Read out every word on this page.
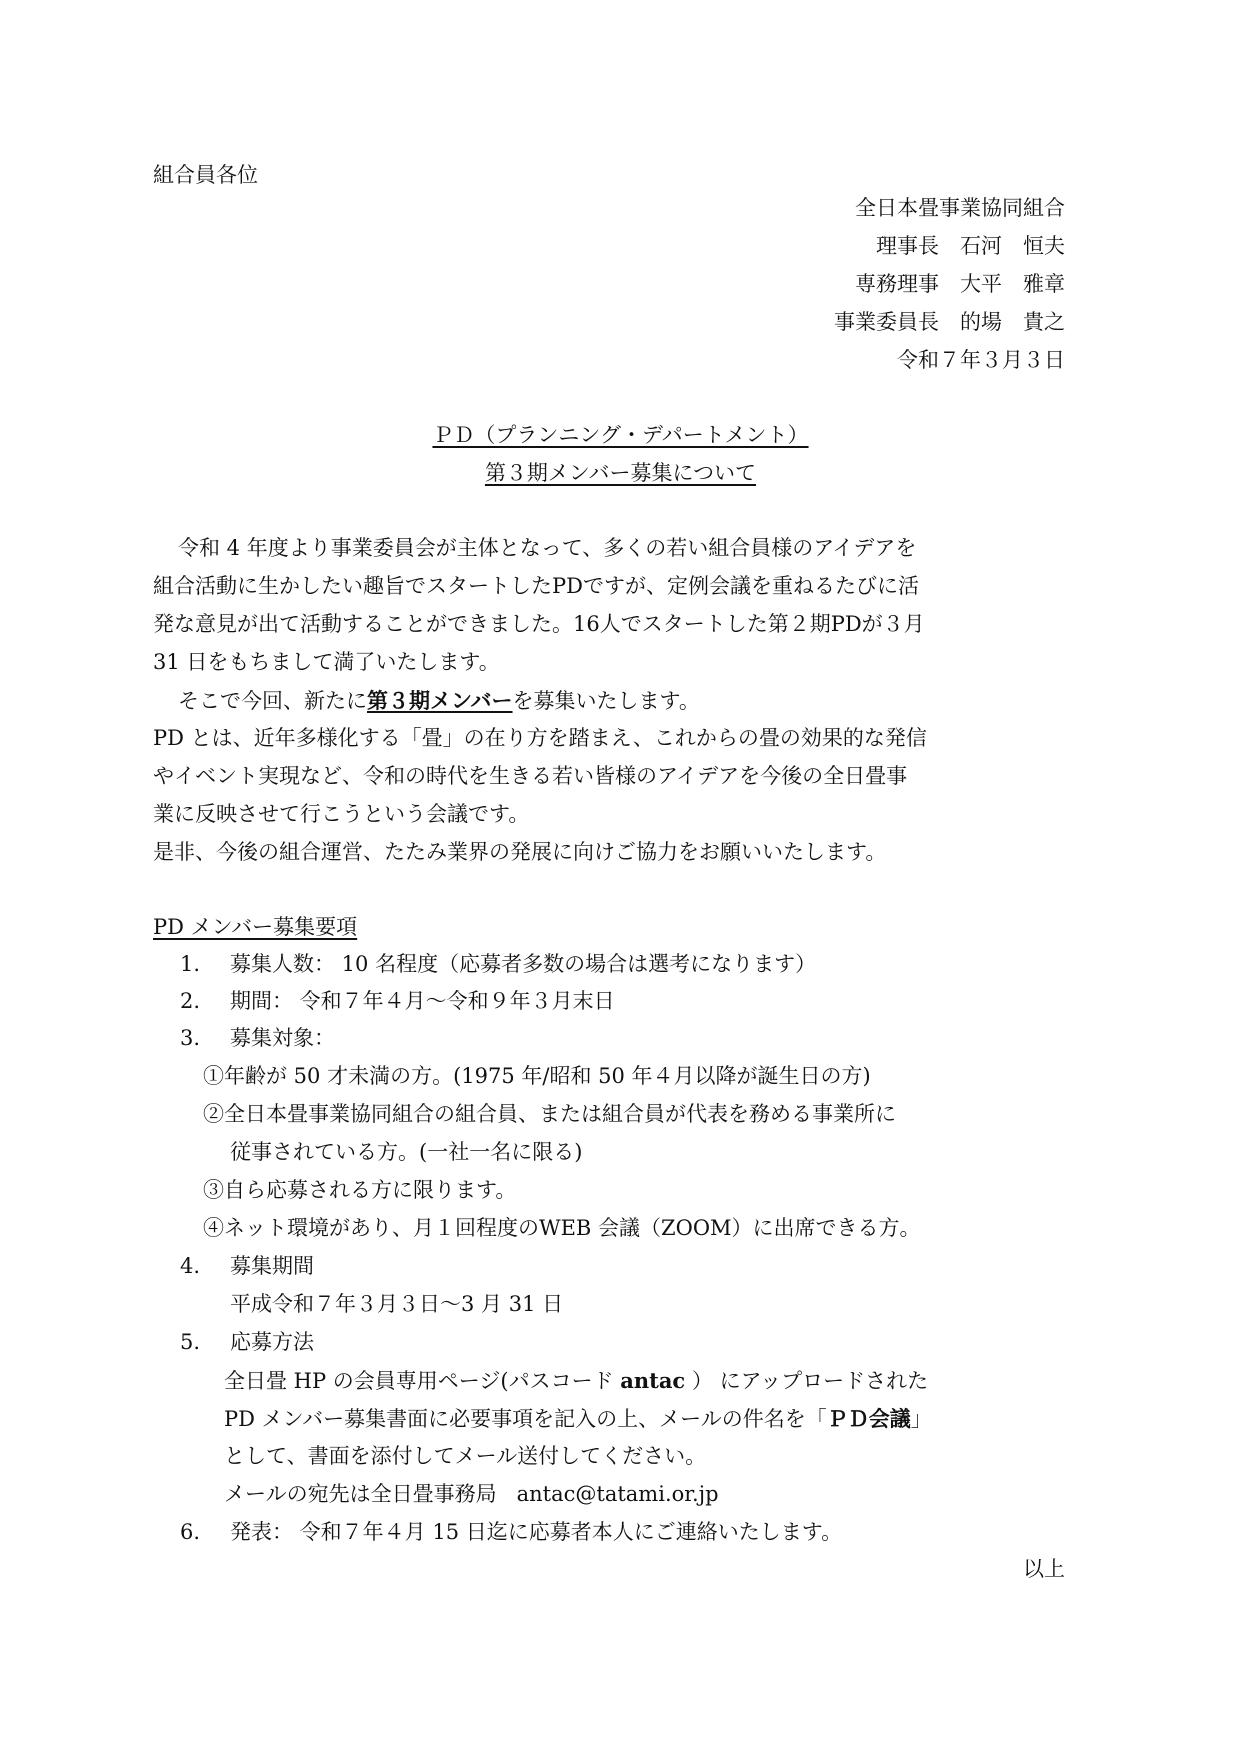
組合員各位
全日本畳事業協同組合
理事長　石河　恒夫
専務理事　大平　雅章
事業委員長　的場　貴之
令和７年３月３日
ＰＤ（プランニング・デパートメント）
第３期メンバー募集について
令和 4 年度より事業委員会が主体となって、多くの若い組合員様のアイデアを
組合活動に生かしたい趣旨でスタートしたPDですが、定例会議を重ねるたびに活
発な意見が出て活動することができました。16人でスタートした第２期PDが３月
31 日をもちまして満了いたします。
そこで今回、新たに第３期メンバーを募集いたします。
PD とは、近年多様化する「畳」の在り方を踏まえ、これからの畳の効果的な発信
やイベント実現など、令和の時代を生きる若い皆様のアイデアを今後の全日畳事
業に反映させて行こうという会議です。
是非、今後の組合運営、たたみ業界の発展に向けご協力をお願いいたします。
PD メンバー募集要項
1. 募集人数： 10 名程度（応募者多数の場合は選考になります）
2. 期間： 令和７年４月～令和９年３月末日
3. 募集対象：
①年齢が 50 才未満の方。(1975 年/昭和 50 年４月以降が誕生日の方)
②全日本畳事業協同組合の組合員、または組合員が代表を務める事業所に
従事されている方。(一社一名に限る)
③自ら応募される方に限ります。
④ネット環境があり、月１回程度のWEB 会議（ZOOM）に出席できる方。
4. 募集期間
平成令和７年３月３日～3 月 31 日
5. 応募方法
全日畳 HP の会員専用ページ(パスコード antac ） にアップロードされた
PD メンバー募集書面に必要事項を記入の上、メールの件名を「ＰＤ会議」
として、書面を添付してメール送付してください。
メールの宛先は全日畳事務局 antac@tatami.or.jp
6. 発表： 令和７年４月 15 日迄に応募者本人にご連絡いたします。
以上
